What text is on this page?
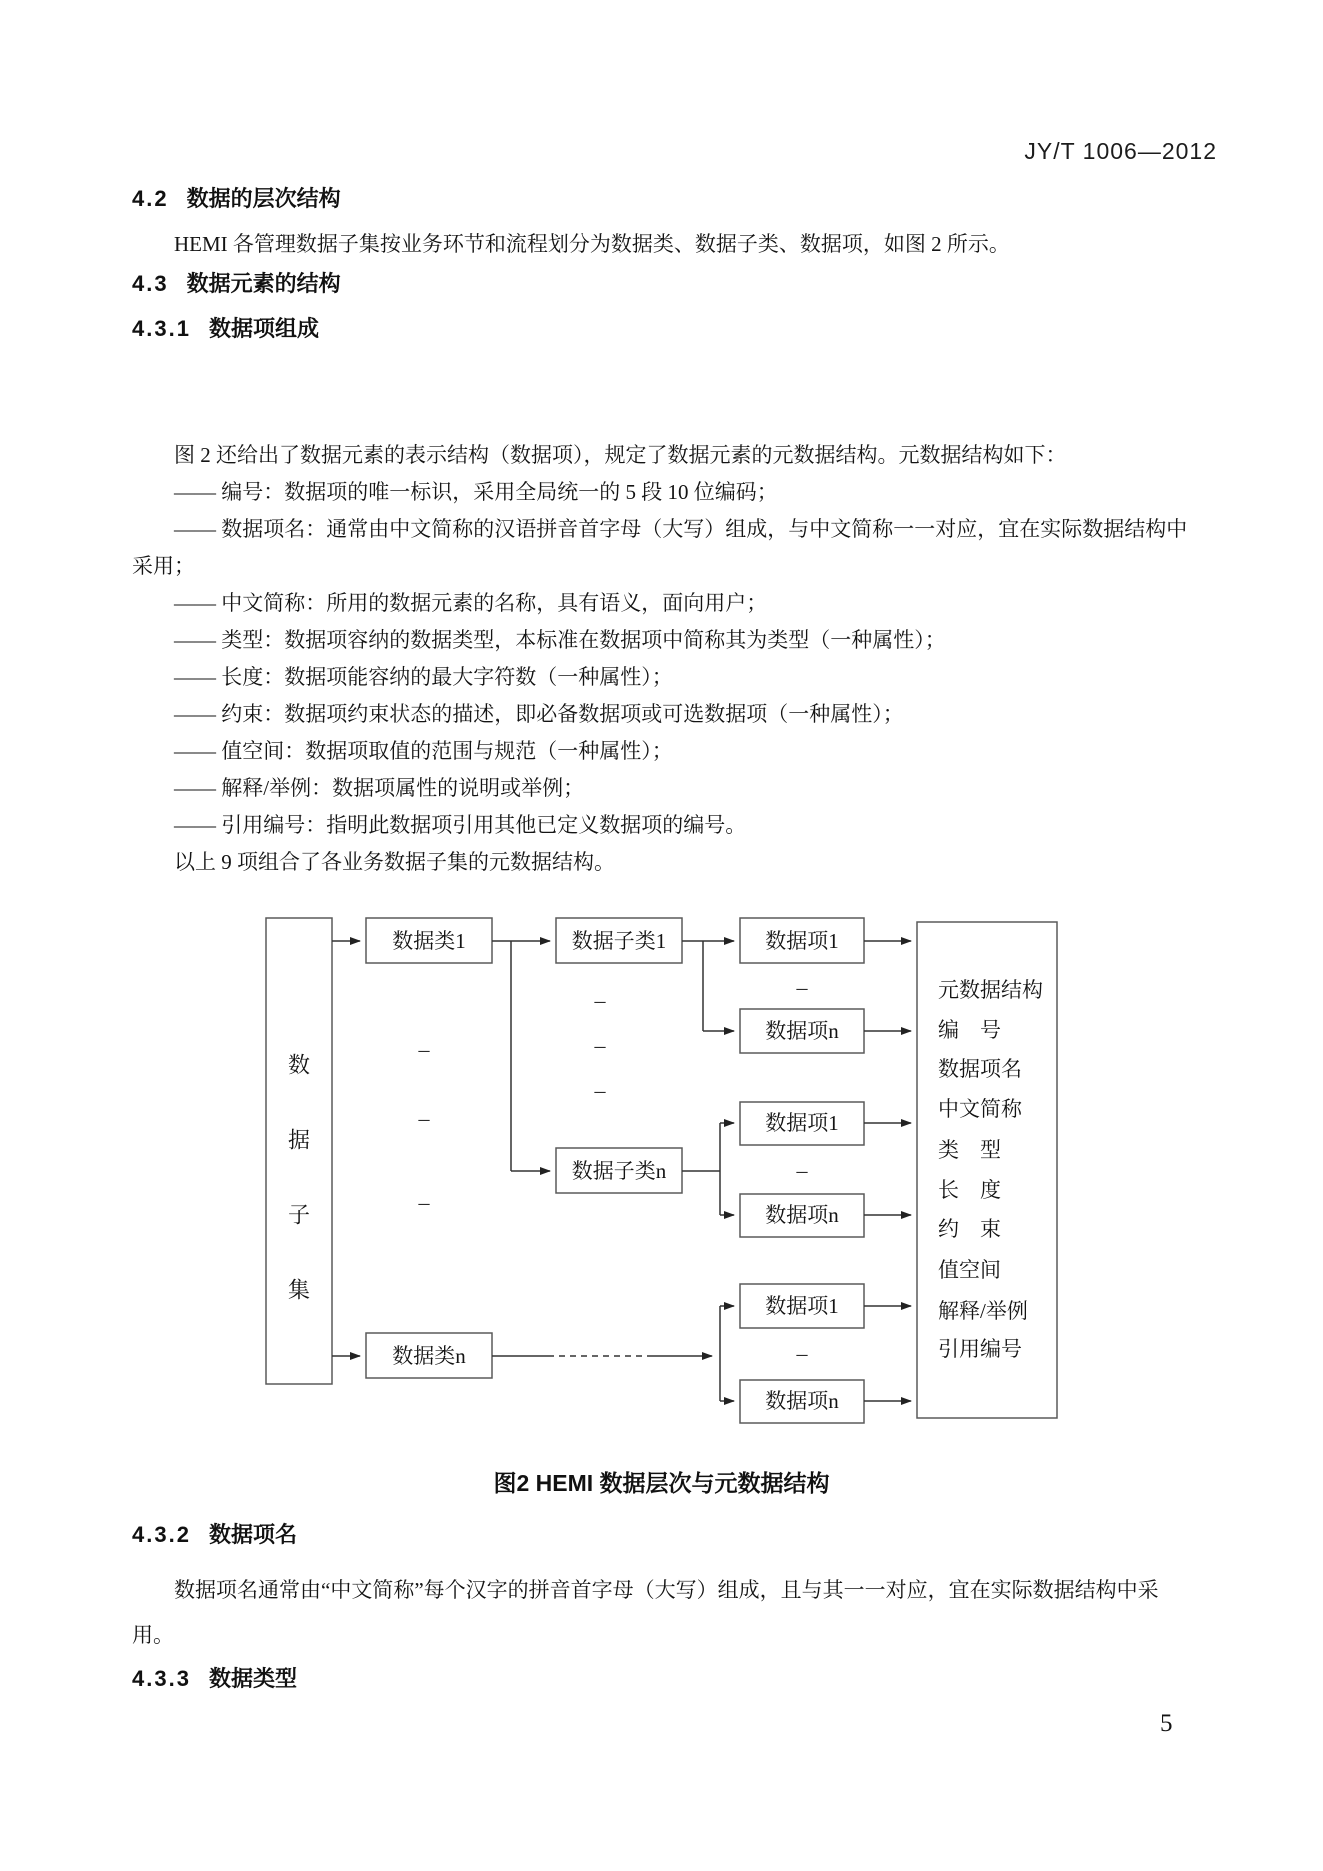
JY/T 1006—2012
4.2 数据的层次结构

HEMI 各管理数据子集按业务环节和流程划分为数据类、数据子类、数据项，如图 2 所示。

4.3 数据元素的结构
4.3.1 数据项组成

图 2 还给出了数据元素的表示结构（数据项），规定了数据元素的元数据结构。元数据结构如下：

—— 编号：数据项的唯一标识，采用全局统一的 5 段 10 位编码；

—— 数据项名：通常由中文简称的汉语拼音首字母（大写）组成，与中文简称一一对应，宜在实际数据结构中采用；

—— 中文简称：所用的数据元素的名称，具有语义，面向用户；

—— 类型：数据项容纳的数据类型，本标准在数据项中简称其为类型（一种属性）；

—— 长度：数据项能容纳的最大字符数（一种属性）；

—— 约束：数据项约束状态的描述，即必备数据项或可选数据项（一种属性）；

—— 值空间：数据项取值的范围与规范（一种属性）；

—— 解释/举例：数据项属性的说明或举例；

—— 引用编号：指明此数据项引用其他已定义数据项的编号。

以上 9 项组合了各业务数据子集的元数据结构。

数
据
子
集
数据类1
数据类n
数据子类1
数据子类n
数据项1
数据项n
数据项1
数据项n
数据项1
数据项n
–
–
–
–
–
–
–
–
–
元数据结构
编　号
数据项名
中文简称
类　型
长　度
约　束
值空间
解释/举例
引用编号
图2 HEMI 数据层次与元数据结构
4.3.2 数据项名

数据项名通常由“中文简称”每个汉字的拼音首字母（大写）组成，且与其一一对应，宜在实际数据结构中采用。

4.3.3 数据类型
5
